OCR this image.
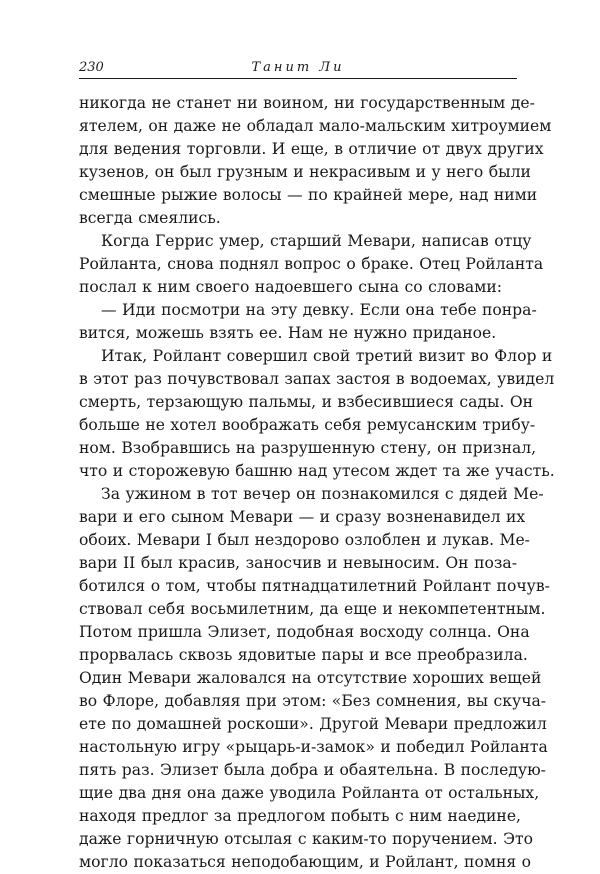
230	Танит Ли
никогда не станет ни воином, ни государственным де-
ятелем, он даже не обладал мало-мальским хитроумием
для ведения торговли. И еще, в отличие от двух других
кузенов, он был грузным и некрасивым и у него были
смешные рыжие волосы — по крайней мере, над ними
всегда смеялись.
Когда Геррис умер, старший Мевари, написав отцу
Ройланта, снова поднял вопрос о браке. Отец Ройланта
послал к ним своего надоевшего сына со словами:
— Иди посмотри на эту девку. Если она тебе понра-
вится, можешь взять ее. Нам не нужно приданое.
Итак, Ройлант совершил свой третий визит во Флор и
в этот раз почувствовал запах застоя в водоемах, увидел
смерть, терзающую пальмы, и взбесившиеся сады. Он
больше не хотел воображать себя ремусанским трибу-
ном. Взобравшись на разрушенную стену, он признал,
что и сторожевую башню над утесом ждет та же участь.
За ужином в тот вечер он познакомился с дядей Ме-
вари и его сыном Мевари — и сразу возненавидел их
обоих. Мевари I был нездорово озлоблен и лукав. Ме-
вари II был красив, заносчив и невыносим. Он поза-
ботился о том, чтобы пятнадцатилетний Ройлант почув-
ствовал себя восьмилетним, да еще и некомпетентным.
Потом пришла Элизет, подобная восходу солнца. Она
прорвалась сквозь ядовитые пары и все преобразила.
Один Мевари жаловался на отсутствие хороших вещей
во Флоре, добавляя при этом: «Без сомнения, вы скуча-
ете по домашней роскоши». Другой Мевари предложил
настольную игру «рыцарь-и-замок» и победил Ройланта
пять раз. Элизет была добра и обаятельна. В последую-
щие два дня она даже уводила Ройланта от остальных,
находя предлог за предлогом побыть с ним наедине,
даже горничную отсылая с каким-то поручением. Это
могло показаться неподобающим, и Ройлант, помня о
